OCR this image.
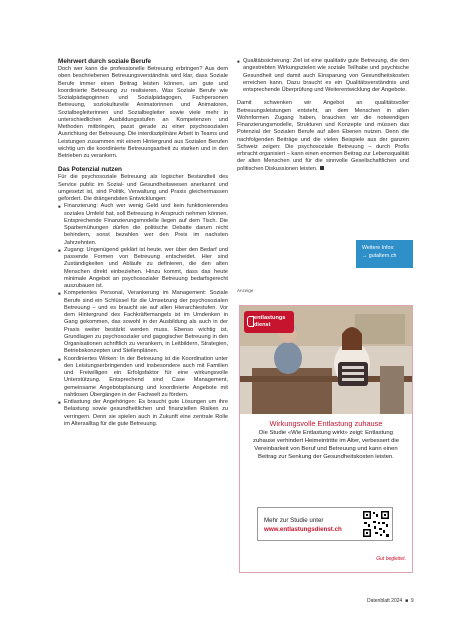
Mehrwert durch soziale Berufe

Doch wer kann die professionelle Betreuung erbringen? Aus dem oben beschriebenen Betreuungsverständnis wird klar, dass Soziale Berufe immer einen Beitrag leisten können, um gute und koordinierte Betreuung zu realisieren. Was Soziale Berufe wie Sozialpädagoginnen und Sozialpädagogen, Fachpersonen Betreuung, soziokulturelle Animatorinnen und Animatoren, Sozialbegleiterinnen und Sozialbegleiter sowie viele mehr in unterschiedlichen Ausbildungsstufen an Kompetenzen und Methoden mitbringen, passt gerade zu einer psychosozialen Ausrichtung der Betreuung. Die interdisziplinäre Arbeit in Teams und Leistungen zusammen mit einem Hintergrund aus Sozialen Berufen wichtig um die koordinierte Betreuungsarbeit zu starken und in den Betrieben zu verankern.

Das Potenzial nutzen

Für die psychosoziale Betreuung als logischer Bestandteil des Service public im Sozial- und Gesundheitswesen anerkannt und umgesetzt ist, sind Politik, Verwaltung und Praxis gleichermassen gefordert. Die drängendsten Entwicklungen:

■ Finanzierung: Auch wer wenig Geld und kein funktionierendes soziales Umfeld hat, soll Betreuung in Anspruch nehmen können. Entsprechende Finanzierungsmodelle liegen auf dem Tisch. Die Sparbemühungen dürfen die politische Debatte darum nicht behindern, sonst bezahlen wer den Preis im nachsten Jahrzehnten.
■ Zugang: Ungenügend geklärt ist heute, wer über den Bedarf und passende Formen von Betreuung entscheidet. Hier sind Zuständigkeiten und Abläufe zu definieren, die den alten Menschen direkt einbeziehen. Hinzu kommt, dass das heute minimale Angebot an psychosozialer Betreuung bedarfsgerecht auszubauen ist.
■ Kompetentes Personal, Verankerung im Management: Soziale Berufe sind ein Schlüssel für die Umsetzung der psychosozialen Betreuung – und es braucht sie auf allen Hierarchiestufen. Vor dem Hintergrund des Fachkräftemangels ist im Umdenken in Gang gekommen, das sowohl in der Ausbildung als auch in der Praxis weiter bestärkt werden muss. Ebenso wichtig ist, Grundlagen zu psychosozialer und gagogischer Betreuung in den Organisationen schriftlich zu verankern, in Leitbildern, Strategien, Betriebskonzepten und Stellenplänen.
■ Koordiniertes Wirken: In der Betreuung ist die Koordination unter den Leistungserbringenden und insbesondere auch mit Familien und Freiwilligen ein Erfolgsfaktor für eine wirkungsvolle Unterstützung. Entsprechend sind Case Management, gemeinsame Angebotsplanung und koordinierte Angebote mit nahtlosen Übergängen in der Fachwelt zu fördern.
■ Entlastung der Angehörigen: Es braucht gute Lösungen um ihre Belastung sowie gesundheitlichen und finanziellen Risiken zu verringern. Denn sie spielen auch in Zukunft eine zentrale Rolle im Altersalltag für die gute Betreuung.
■ Qualitätssicherung: Ziel ist eine qualitativ gute Betreuung, die den angestrebten Wirkungszielen wie soziale Teilhabe und psychische Gesundheit und damit auch Einsparung von Gesundheitskosten erreichen kann. Dazu braucht es ein Qualitätsverständnis und entsprechende Überprüfung und Weiterentwicklung der Angebote.

Damit schwenken wir Angebot an qualitätsvoller Betreuungsleistungen entsteht, an dem Menschen in allen Wohnformen Zugang haben, brauchen wir die notwendigen Finanzierungsmodelle, Strukturen und Konzepte und müssen das Potenzial der Sozialen Berufe auf allen Ebenen nutzen. Denn die nachfolgenden Beiträge und die vielen Beispiele aus der ganzen Schweiz zeigen: Die psychosoziale Betreuung – durch Profis erbracht organisiert – kann einen enormen Beitrag zur Lebensqualität der alten Menschen und für die sinnvolle Gesellschaftlichen und politischen Diskussionen leisten.

Weitere Infos:
→ gutaltern.ch
Anzeige
entlastungs dienst
Wirkungsvolle Entlastung zuhause
Die Studie «Wie Entlastung wirkt» zeigt: Entlastung zuhause verhindert Heimeintritte im Alter, verbessert die Vereinbarkeit von Beruf und Betreuung und kann einen Beitrag zur Senkung der Gesundheitskosten leisten.
Mehr zur Studie unter
www.entlastungsdienst.ch
Gut begleitet.
Datenblatt 2024  ■  9
